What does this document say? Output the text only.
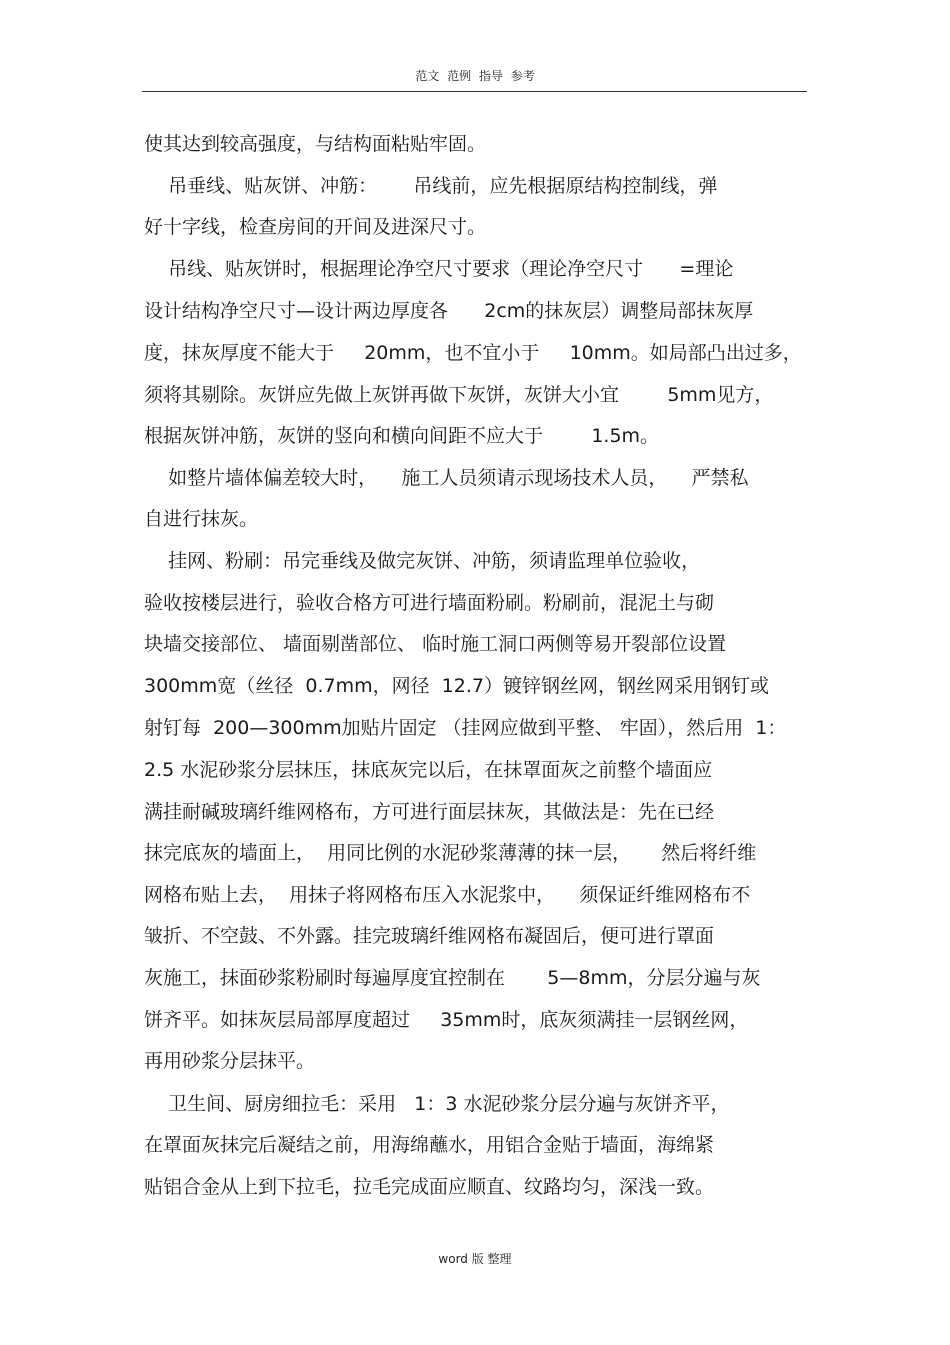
范文 范例 指导 参考
使其达到较高强度，与结构面粘贴牢固。
吊垂线、贴灰饼、冲筋：      吊线前，应先根据原结构控制线，弹
好十字线，检查房间的开间及进深尺寸。
吊线、贴灰饼时，根据理论净空尺寸要求（理论净空尺寸      =理论
设计结构净空尺寸—设计两边厚度各      2cm的抹灰层）调整局部抹灰厚
度，抹灰厚度不能大于     20mm，也不宜小于     10mm。如局部凸出过多，
须将其剔除。灰饼应先做上灰饼再做下灰饼，灰饼大小宜        5mm见方，
根据灰饼冲筋，灰饼的竖向和横向间距不应大于        1.5m。
如整片墙体偏差较大时，    施工人员须请示现场技术人员，    严禁私
自进行抹灰。
挂网、粉刷：吊完垂线及做完灰饼、冲筋，须请监理单位验收，
验收按楼层进行，验收合格方可进行墙面粉刷。粉刷前，混泥土与砌
块墙交接部位、 墙面剔凿部位、 临时施工洞口两侧等易开裂部位设置
300mm宽（丝径  0.7mm，网径  12.7）镀锌钢丝网，钢丝网采用钢钉或
射钉每  200—300mm加贴片固定 （挂网应做到平整、 牢固），然后用  1：
2.5 水泥砂浆分层抹压，抹底灰完以后，在抹罩面灰之前整个墙面应
满挂耐碱玻璃纤维网格布，方可进行面层抹灰，其做法是：先在已经
抹完底灰的墙面上，  用同比例的水泥砂浆薄薄的抹一层，     然后将纤维
网格布贴上去，  用抹子将网格布压入水泥浆中，    须保证纤维网格布不
皱折、不空鼓、不外露。挂完玻璃纤维网格布凝固后，便可进行罩面
灰施工，抹面砂浆粉刷时每遍厚度宜控制在       5—8mm，分层分遍与灰
饼齐平。如抹灰层局部厚度超过     35mm时，底灰须满挂一层钢丝网，
再用砂浆分层抹平。
卫生间、厨房细拉毛：采用   1：3 水泥砂浆分层分遍与灰饼齐平，
在罩面灰抹完后凝结之前，用海绵蘸水，用铝合金贴于墙面，海绵紧
贴铝合金从上到下拉毛，拉毛完成面应顺直、纹路均匀，深浅一致。
word 版 整理
